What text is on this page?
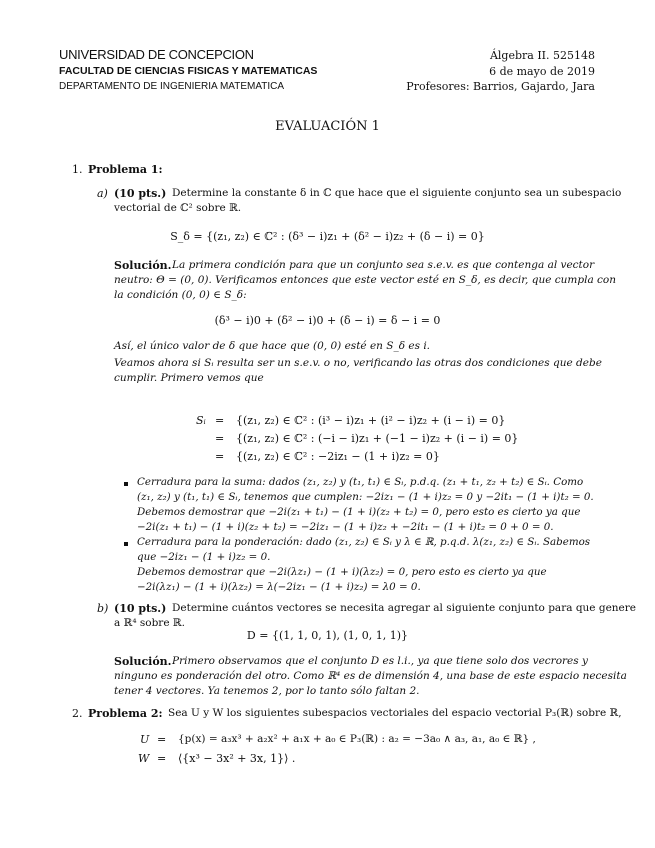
UNIVERSIDAD DE CONCEPCION
FACULTAD DE CIENCIAS FISICAS Y MATEMATICAS
DEPARTAMENTO DE INGENIERIA MATEMATICA
Álgebra II. 525148
6 de mayo de 2019
Profesores: Barrios, Gajardo, Jara
EVALUACIÓN 1
1. Problema 1:
a) (10 pts.) Determine la constante δ in ℂ que hace que el siguiente conjunto sea un subespacio
vectorial de ℂ² sobre ℝ.
S_δ = {(z₁, z₂) ∈ ℂ² : (δ³ − i)z₁ + (δ² − i)z₂ + (δ − i) = 0}
Solución. La primera condición para que un conjunto sea s.e.v. es que contenga al vector
neutro: Θ = (0, 0). Verificamos entonces que este vector esté en S_δ, es decir, que cumpla con
la condición (0, 0) ∈ S_δ:
(δ³ − i)0 + (δ² − i)0 + (δ − i) = δ − i = 0
Así, el único valor de δ que hace que (0, 0) esté en S_δ es i.
Veamos ahora si Sᵢ resulta ser un s.e.v. o no, verificando las otras dos condiciones que debe
cumplir. Primero vemos que
Sᵢ = {(z₁, z₂) ∈ ℂ² : (i³ − i)z₁ + (i² − i)z₂ + (i − i) = 0}
= {(z₁, z₂) ∈ ℂ² : (−i − i)z₁ + (−1 − i)z₂ + (i − i) = 0}
= {(z₁, z₂) ∈ ℂ² : −2iz₁ − (1 + i)z₂ = 0}
Cerradura para la suma: dados (z₁, z₂) y (t₁, t₁) ∈ Sᵢ, p.d.q. (z₁ + t₁, z₂ + t₂) ∈ Sᵢ. Como
(z₁, z₂) y (t₁, t₁) ∈ Sᵢ, tenemos que cumplen: −2iz₁ − (1 + i)z₂ = 0 y −2it₁ − (1 + i)t₂ = 0.
Debemos demostrar que −2i(z₁ + t₁) − (1 + i)(z₂ + t₂) = 0, pero esto es cierto ya que
−2i(z₁ + t₁) − (1 + i)(z₂ + t₂) = −2iz₁ − (1 + i)z₂ + −2it₁ − (1 + i)t₂ = 0 + 0 = 0.
Cerradura para la ponderación: dado (z₁, z₂) ∈ Sᵢ y λ ∈ ℝ, p.q.d. λ(z₁, z₂) ∈ Sᵢ. Sabemos
que −2iz₁ − (1 + i)z₂ = 0.
Debemos demostrar que −2i(λz₁) − (1 + i)(λz₂) = 0, pero esto es cierto ya que
−2i(λz₁) − (1 + i)(λz₂) = λ(−2iz₁ − (1 + i)z₂) = λ0 = 0.
b) (10 pts.) Determine cuántos vectores se necesita agregar al siguiente conjunto para que genere
a ℝ⁴ sobre ℝ.
D = {(1, 1, 0, 1), (1, 0, 1, 1)}
Solución. Primero observamos que el conjunto D es l.i., ya que tiene solo dos vecrores y
ninguno es ponderación del otro. Como ℝ⁴ es de dimensión 4, una base de este espacio necesita
tener 4 vectores. Ya tenemos 2, por lo tanto sólo faltan 2.
2. Problema 2: Sea U y W los siguientes subespacios vectoriales del espacio vectorial P₃(ℝ) sobre ℝ,
U = {p(x) = a₃x³ + a₂x² + a₁x + a₀ ∈ P₃(ℝ) : a₂ = −3a₀ ∧ a₃, a₁, a₀ ∈ ℝ} ,
W = ⟨{x³ − 3x² + 3x, 1}⟩ .
